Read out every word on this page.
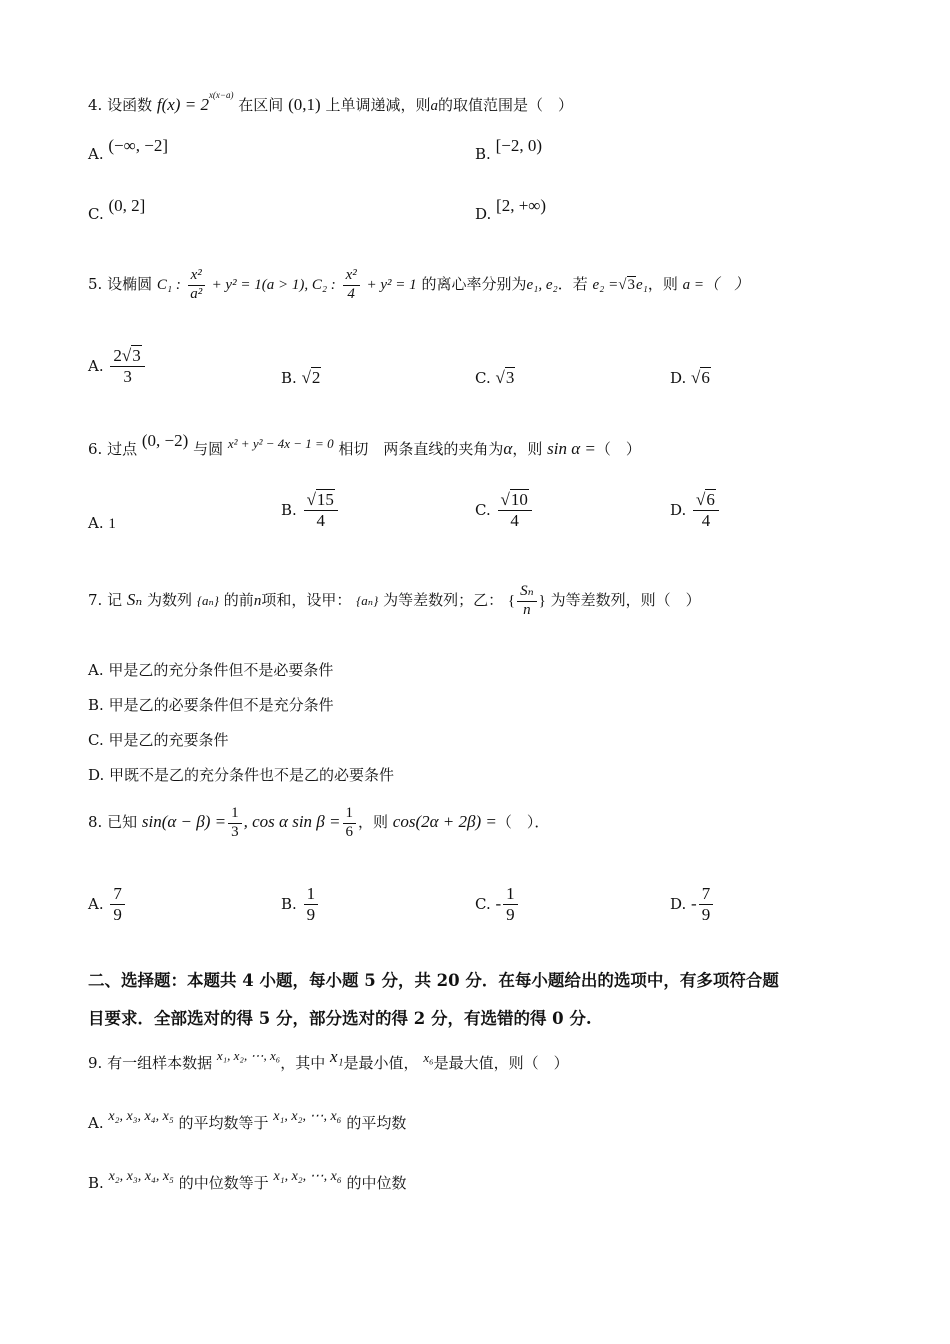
4. 设函数 $f(x) = 2^{x(x-a)}$ 在区间 (0,1) 上单调递减，则a的取值范围是（　）
A. (−∞, −2]	B. [−2, 0)
C. (0, 2]	D. [2, +∞)
5. 设椭圆 C₁ : $\frac{\text{x²}}{\text{a²}} + y^2 = 1(a > 1)$, C₂ : $\frac{\text{x²}}{4} + y^2 = 1$ 的离心率分别为e₁, e₂．若 e₂ =√3e₁，则 a =（　）
A. $\frac{2√3}{3}$	B. √2	C. √3	D. √6
6. 过点 (0, −2) 与圆 x² + y² − 4x − 1 = 0 相切　两条直线的夹角为α，则 sin α =（　）
A. 1
B. $\frac{√15}{4}$	C. $\frac{√10}{4}$	D. $\frac{√6}{4}$
7. 记 Sₙ 为数列 {aₙ} 的前n项和，设甲： {aₙ} 为等差数列；乙： { $\frac{\text{Sₙ}}{n}$ } 为等差数列，则（　）
A. 甲是乙的充分条件但不是必要条件
B. 甲是乙的必要条件但不是充分条件
C. 甲是乙的充要条件
D. 甲既不是乙的充分条件也不是乙的必要条件
8. 已知 $\sin(\alpha - \beta) = \frac{1}{3}$ , cos α $\sin \beta = \frac{1}{6}$ ，则 cos(2α + 2β) =（　）．
A. $\frac{7}{9}$	B. $\frac{1}{9}$	C. - $\frac{1}{9}$	D. - $\frac{7}{9}$
二、选择题：本题共 4 小题，每小题 5 分，共 20 分．在每小题给出的选项中，有多项符合题
目要求．全部选对的得 5 分，部分选对的得 2 分，有选错的得 0 分.
9. 有一组样本数据 x₁, x₂, ⋯, x₆，其中 x₁是最小值， x₆是最大值，则（　）
A. x₂, x₃, x₄, x₅ 的平均数等于 x₁, x₂, ⋯, x₆ 的平均数
B. x₂, x₃, x₄, x₅ 的中位数等于 x₁, x₂, ⋯, x₆ 的中位数
